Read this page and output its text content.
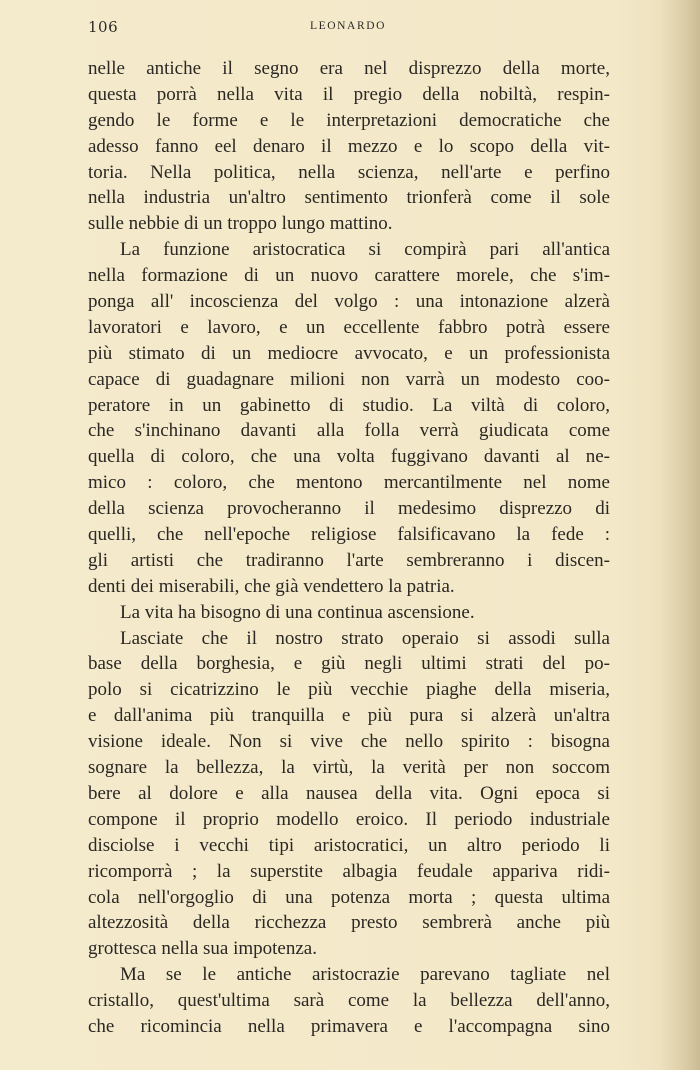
106	LEONARDO
nelle antiche il segno era nel disprezzo della morte,
questa porrà nella vita il pregio della nobiltà, respin-
gendo le forme e le interpretazioni democratiche che
adesso fanno eel denaro il mezzo e lo scopo della vit-
toria. Nella politica, nella scienza, nell'arte e perfino
nella industria un'altro sentimento trionferà come il sole
sulle nebbie di un troppo lungo mattino.
La funzione aristocratica si compirà pari all'antica
nella formazione di un nuovo carattere morele, che s'im-
ponga all' incoscienza del volgo : una intonazione alzerà
lavoratori e lavoro, e un eccellente fabbro potrà essere
più stimato di un mediocre avvocato, e un professionista
capace di guadagnare milioni non varrà un modesto coo-
peratore in un gabinetto di studio. La viltà di coloro,
che s'inchinano davanti alla folla verrà giudicata come
quella di coloro, che una volta fuggivano davanti al ne-
mico : coloro, che mentono mercantilmente nel nome
della scienza provocheranno il medesimo disprezzo di
quelli, che nell'epoche religiose falsificavano la fede :
gli artisti che tradiranno l'arte sembreranno i discen-
denti dei miserabili, che già vendettero la patria.
La vita ha bisogno di una continua ascensione.
Lasciate che il nostro strato operaio si assodi sulla
base della borghesia, e giù negli ultimi strati del po-
polo si cicatrizzino le più vecchie piaghe della miseria,
e dall'anima più tranquilla e più pura si alzerà un'altra
visione ideale. Non si vive che nello spirito : bisogna
sognare la bellezza, la virtù, la verità per non soccom
bere al dolore e alla nausea della vita. Ogni epoca si
compone il proprio modello eroico. Il periodo industriale
disciolse i vecchi tipi aristocratici, un altro periodo li
ricomporrà ; la superstite albagia feudale appariva ridi-
cola nell'orgoglio di una potenza morta ; questa ultima
altezzosità della ricchezza presto sembrerà anche più
grottesca nella sua impotenza.
Ma se le antiche aristocrazie parevano tagliate nel
cristallo, quest'ultima sarà come la bellezza dell'anno,
che ricomincia nella primavera e l'accompagna sino
